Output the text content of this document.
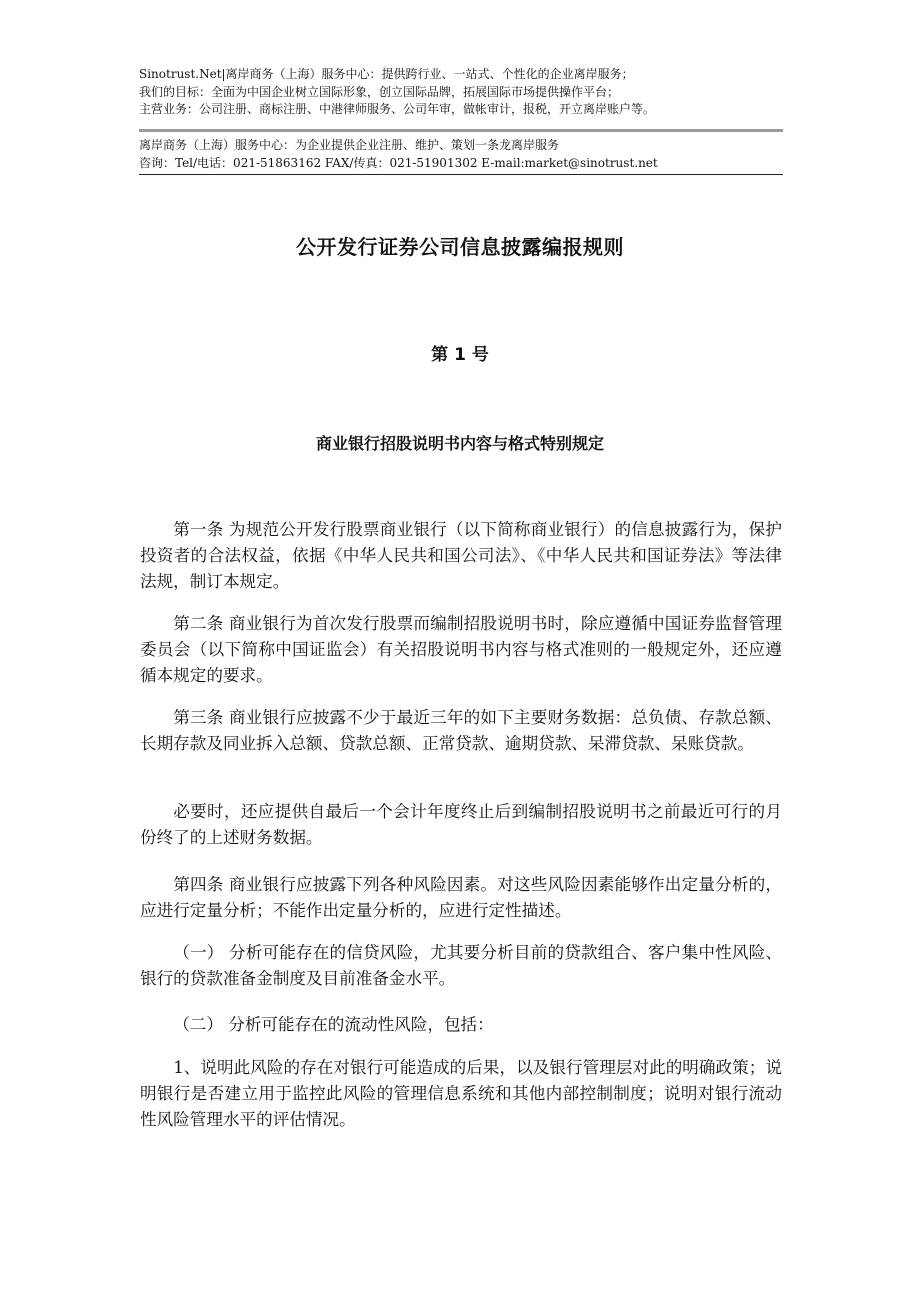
Sinotrust.Net|离岸商务（上海）服务中心：提供跨行业、一站式、个性化的企业离岸服务；
我们的目标：全面为中国企业树立国际形象，创立国际品牌，拓展国际市场提供操作平台；
主营业务：公司注册、商标注册、中港律师服务、公司年审，做帐审计，报税，开立离岸账户等。
离岸商务（上海）服务中心：为企业提供企业注册、维护、策划一条龙离岸服务
咨询：Tel/电话：021-51863162 FAX/传真：021-51901302 E-mail:market@sinotrust.net
公开发行证券公司信息披露编报规则
第 1 号
商业银行招股说明书内容与格式特别规定

第一条 为规范公开发行股票商业银行（以下简称商业银行）的信息披露行为，保护投资者的合法权益，依据《中华人民共和国公司法》、《中华人民共和国证券法》等法律法规，制订本规定。

第二条 商业银行为首次发行股票而编制招股说明书时，除应遵循中国证券监督管理委员会（以下简称中国证监会）有关招股说明书内容与格式准则的一般规定外，还应遵循本规定的要求。

第三条 商业银行应披露不少于最近三年的如下主要财务数据：总负债、存款总额、长期存款及同业拆入总额、贷款总额、正常贷款、逾期贷款、呆滞贷款、呆账贷款。

必要时，还应提供自最后一个会计年度终止后到编制招股说明书之前最近可行的月份终了的上述财务数据。

第四条 商业银行应披露下列各种风险因素。对这些风险因素能够作出定量分析的，应进行定量分析；不能作出定量分析的，应进行定性描述。

（一） 分析可能存在的信贷风险，尤其要分析目前的贷款组合、客户集中性风险、银行的贷款准备金制度及目前准备金水平。

（二） 分析可能存在的流动性风险，包括：

1、说明此风险的存在对银行可能造成的后果，以及银行管理层对此的明确政策；说明银行是否建立用于监控此风险的管理信息系统和其他内部控制制度；说明对银行流动性风险管理水平的评估情况。
